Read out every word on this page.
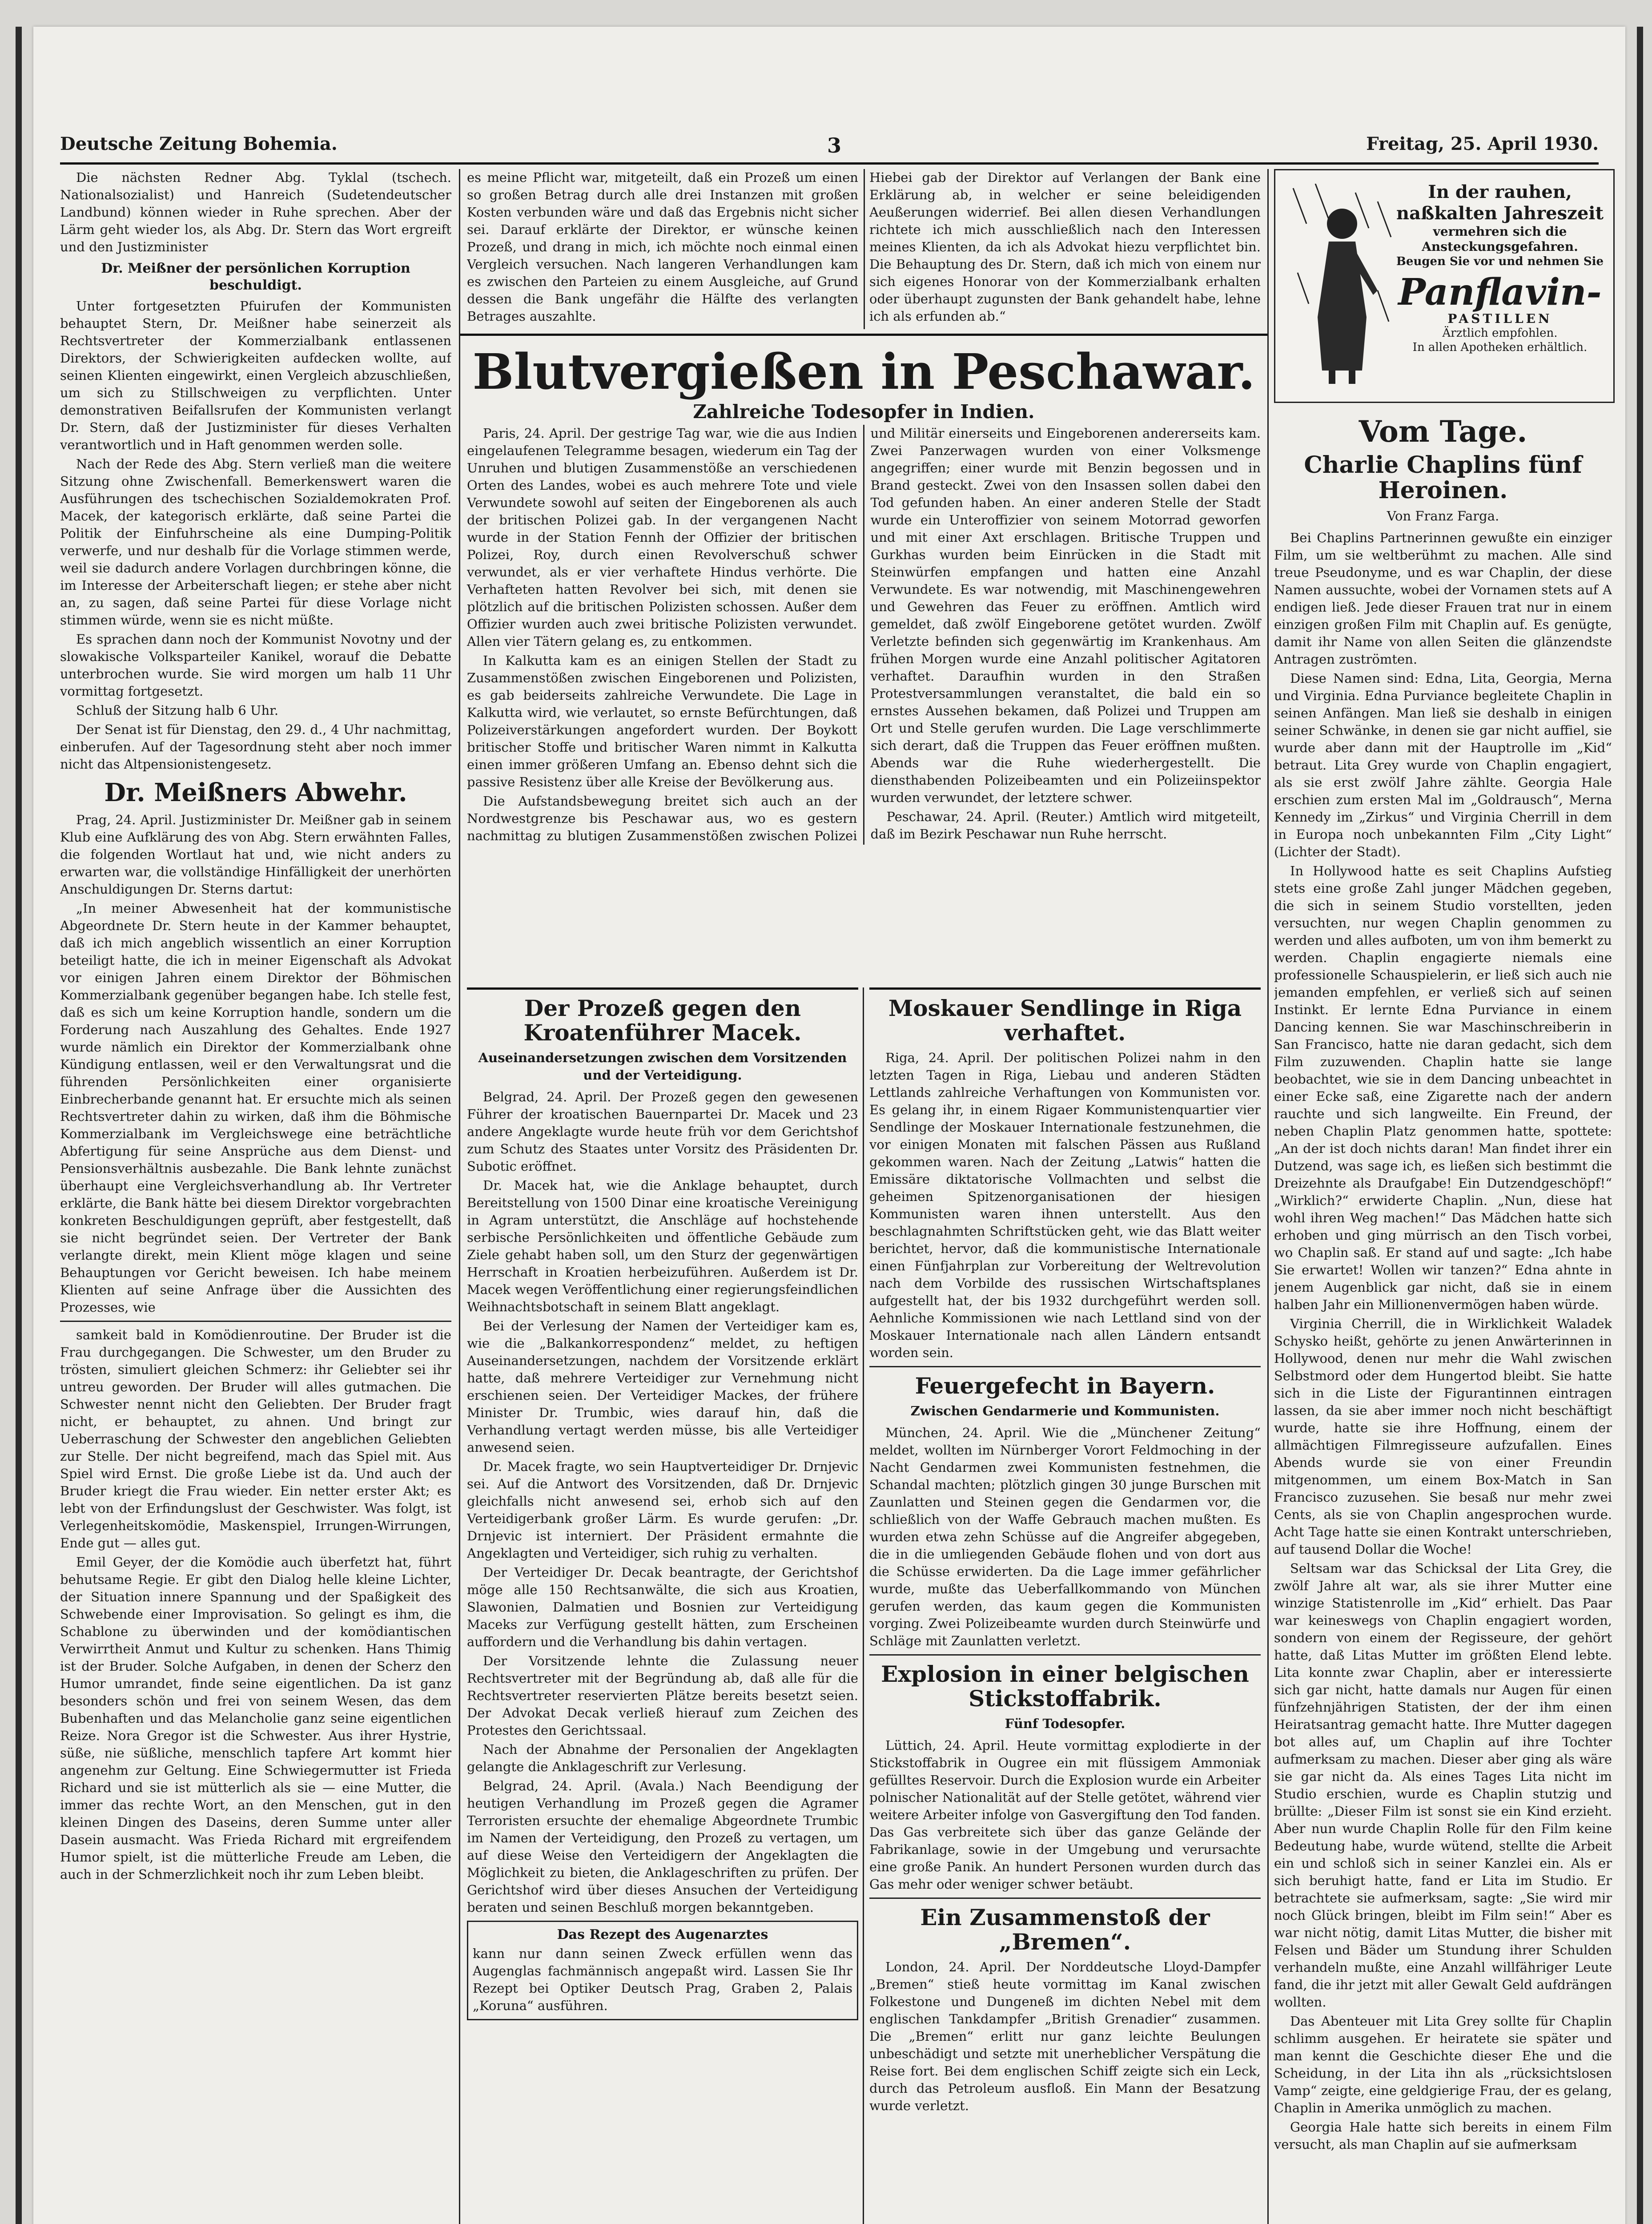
Deutsche Zeitung Bohemia.	3	Freitag, 25. April 1930.

Die nächsten Redner Abg. Tyklal (tschech. Nationalsozialist) und Hanreich (Sudetendeutscher Landbund) können wieder in Ruhe sprechen. Aber der Lärm geht wieder los, als Abg. Dr. Stern das Wort ergreift und den Justizminister

Dr. Meißner der persönlichen Korruption beschuldigt.

Unter fortgesetzten Pfuirufen der Kommunisten behauptet Stern, Dr. Meißner habe seinerzeit als Rechtsvertreter der Kommerzialbank entlassenen Direktors, der Schwierigkeiten aufdecken wollte, auf seinen Klienten eingewirkt, einen Vergleich abzuschließen, um sich zu Stillschweigen zu verpflichten. Unter demonstrativen Beifallsrufen der Kommunisten verlangt Dr. Stern, daß der Justizminister für dieses Verhalten verantwortlich und in Haft genommen werden solle.

Nach der Rede des Abg. Stern verließ man die weitere Sitzung ohne Zwischenfall. Bemerkenswert waren die Ausführungen des tschechischen Sozialdemokraten Prof. Macek, der kategorisch erklärte, daß seine Partei die Politik der Einfuhrscheine als eine Dumping-Politik verwerfe, und nur deshalb für die Vorlage stimmen werde, weil sie dadurch andere Vorlagen durchbringen könne, die im Interesse der Arbeiterschaft liegen; er stehe aber nicht an, zu sagen, daß seine Partei für diese Vorlage nicht stimmen würde, wenn sie es nicht müßte.

Es sprachen dann noch der Kommunist Novotny und der slowakische Volksparteiler Kanikel, worauf die Debatte unterbrochen wurde. Sie wird morgen um halb 11 Uhr vormittag fortgesetzt.

Schluß der Sitzung halb 6 Uhr.

Der Senat ist für Dienstag, den 29. d., 4 Uhr nachmittag, einberufen. Auf der Tagesordnung steht aber noch immer nicht das Altpensionistengesetz.

Dr. Meißners Abwehr.

Prag, 24. April. Justizminister Dr. Meißner gab in seinem Klub eine Aufklärung des von Abg. Stern erwähnten Falles, die folgenden Wortlaut hat und, wie nicht anders zu erwarten war, die vollständige Hinfälligkeit der unerhörten Anschuldigungen Dr. Sterns dartut:

„In meiner Abwesenheit hat der kommunistische Abgeordnete Dr. Stern heute in der Kammer behauptet, daß ich mich angeblich wissentlich an einer Korruption beteiligt hatte, die ich in meiner Eigenschaft als Advokat vor einigen Jahren einem Direktor der Böhmischen Kommerzialbank gegenüber begangen habe. Ich stelle fest, daß es sich um keine Korruption handle, sondern um die Forderung nach Auszahlung des Gehaltes. Ende 1927 wurde nämlich ein Direktor der Kommerzialbank ohne Kündigung entlassen, weil er den Verwaltungsrat und die führenden Persönlichkeiten einer organisierte Einbrecherbande genannt hat. Er ersuchte mich als seinen Rechtsvertreter dahin zu wirken, daß ihm die Böhmische Kommerzialbank im Vergleichswege eine beträchtliche Abfertigung für seine Ansprüche aus dem Dienst- und Pensionsverhältnis ausbezahle. Die Bank lehnte zunächst überhaupt eine Vergleichsverhandlung ab. Ihr Vertreter erklärte, die Bank hätte bei diesem Direktor vorgebrachten konkreten Beschuldigungen geprüft, aber festgestellt, daß sie nicht begründet seien. Der Vertreter der Bank verlangte direkt, mein Klient möge klagen und seine Behauptungen vor Gericht beweisen. Ich habe meinem Klienten auf seine Anfrage über die Aussichten des Prozesses, wie

samkeit bald in Komödienroutine. Der Bruder ist die Frau durchgegangen. Die Schwester, um den Bruder zu trösten, simuliert gleichen Schmerz: ihr Geliebter sei ihr untreu geworden. Der Bruder will alles gutmachen. Die Schwester nennt nicht den Geliebten. Der Bruder fragt nicht, er behauptet, zu ahnen. Und bringt zur Ueberraschung der Schwester den angeblichen Geliebten zur Stelle. Der nicht begreifend, mach das Spiel mit. Aus Spiel wird Ernst. Die große Liebe ist da. Und auch der Bruder kriegt die Frau wieder. Ein netter erster Akt; es lebt von der Erfindungslust der Geschwister. Was folgt, ist Verlegenheitskomödie, Maskenspiel, Irrungen-Wirrungen, Ende gut — alles gut.

Emil Geyer, der die Komödie auch überfetzt hat, führt behutsame Regie. Er gibt den Dialog helle kleine Lichter, der Situation innere Spannung und der Spaßigkeit des Schwebende einer Improvisation. So gelingt es ihm, die Schablone zu überwinden und der komödiantischen Verwirrtheit Anmut und Kultur zu schenken. Hans Thimig ist der Bruder. Solche Aufgaben, in denen der Scherz den Humor umrandet, finde seine eigentlichen. Da ist ganz besonders schön und frei von seinem Wesen, das dem Bubenhaften und das Melancholie ganz seine eigentlichen Reize. Nora Gregor ist die Schwester. Aus ihrer Hystrie, süße, nie süßliche, menschlich tapfere Art kommt hier angenehm zur Geltung. Eine Schwiegermutter ist Frieda Richard und sie ist mütterlich als sie — eine Mutter, die immer das rechte Wort, an den Menschen, gut in den kleinen Dingen des Daseins, deren Summe unter aller Dasein ausmacht. Was Frieda Richard mit ergreifendem Humor spielt, ist die mütterliche Freude am Leben, die auch in der Schmerzlichkeit noch ihr zum Leben bleibt.

es meine Pflicht war, mitgeteilt, daß ein Prozeß um einen so großen Betrag durch alle drei Instanzen mit großen Kosten verbunden wäre und daß das Ergebnis nicht sicher sei. Darauf erklärte der Direktor, er wünsche keinen Prozeß, und drang in mich, ich möchte noch einmal einen Vergleich versuchen. Nach langeren Verhandlungen kam es zwischen den Parteien zu einem Ausgleiche, auf Grund dessen die Bank ungefähr die Hälfte des verlangten Betrages auszahlte.

Hiebei gab der Direktor auf Verlangen der Bank eine Erklärung ab, in welcher er seine beleidigenden Aeußerungen widerrief. Bei allen diesen Verhandlungen richtete ich mich ausschließlich nach den Interessen meines Klienten, da ich als Advokat hiezu verpflichtet bin. Die Behauptung des Dr. Stern, daß ich mich von einem nur sich eigenes Honorar von der Kommerzialbank erhalten oder überhaupt zugunsten der Bank gehandelt habe, lehne ich als erfunden ab.“

Blutvergießen in Peschawar.
Zahlreiche Todesopfer in Indien.

Paris, 24. April. Der gestrige Tag war, wie die aus Indien eingelaufenen Telegramme besagen, wiederum ein Tag der Unruhen und blutigen Zusammenstöße an verschiedenen Orten des Landes, wobei es auch mehrere Tote und viele Verwundete sowohl auf seiten der Eingeborenen als auch der britischen Polizei gab. In der vergangenen Nacht wurde in der Station Fennh der Offizier der britischen Polizei, Roy, durch einen Revolverschuß schwer verwundet, als er vier verhaftete Hindus verhörte. Die Verhafteten hatten Revolver bei sich, mit denen sie plötzlich auf die britischen Polizisten schossen. Außer dem Offizier wurden auch zwei britische Polizisten verwundet. Allen vier Tätern gelang es, zu entkommen.

In Kalkutta kam es an einigen Stellen der Stadt zu Zusammenstößen zwischen Eingeborenen und Polizisten, es gab beiderseits zahlreiche Verwundete. Die Lage in Kalkutta wird, wie verlautet, so ernste Befürchtungen, daß Polizeiverstärkungen angefordert wurden. Der Boykott britischer Stoffe und britischer Waren nimmt in Kalkutta einen immer größeren Umfang an. Ebenso dehnt sich die passive Resistenz über alle Kreise der Bevölkerung aus.

Die Aufstandsbewegung breitet sich auch an der Nordwestgrenze bis Peschawar aus, wo es gestern nachmittag zu blutigen Zusammenstößen zwischen Polizei und Militär einerseits und Eingeborenen andererseits kam. Zwei Panzerwagen wurden von einer Volksmenge angegriffen; einer wurde mit Benzin begossen und in Brand gesteckt. Zwei von den Insassen sollen dabei den Tod gefunden haben. An einer anderen Stelle der Stadt wurde ein Unteroffizier von seinem Motorrad geworfen und mit einer Axt erschlagen. Britische Truppen und Gurkhas wurden beim Einrücken in die Stadt mit Steinwürfen empfangen und hatten eine Anzahl Verwundete. Es war notwendig, mit Maschinengewehren und Gewehren das Feuer zu eröffnen. Amtlich wird gemeldet, daß zwölf Eingeborene getötet wurden. Zwölf Verletzte befinden sich gegenwärtig im Krankenhaus. Am frühen Morgen wurde eine Anzahl politischer Agitatoren verhaftet. Daraufhin wurden in den Straßen Protestversammlungen veranstaltet, die bald ein so ernstes Aussehen bekamen, daß Polizei und Truppen am Ort und Stelle gerufen wurden. Die Lage verschlimmerte sich derart, daß die Truppen das Feuer eröffnen mußten. Abends war die Ruhe wiederhergestellt. Die diensthabenden Polizeibeamten und ein Polizeiinspektor wurden verwundet, der letztere schwer.

Peschawar, 24. April. (Reuter.) Amtlich wird mitgeteilt, daß im Bezirk Peschawar nun Ruhe herrscht.

Der Prozeß gegen den Kroatenführer Macek.
Auseinandersetzungen zwischen dem Vorsitzenden und der Verteidigung.

Belgrad, 24. April. Der Prozeß gegen den gewesenen Führer der kroatischen Bauernpartei Dr. Macek und 23 andere Angeklagte wurde heute früh vor dem Gerichtshof zum Schutz des Staates unter Vorsitz des Präsidenten Dr. Subotic eröffnet.

Dr. Macek hat, wie die Anklage behauptet, durch Bereitstellung von 1500 Dinar eine kroatische Vereinigung in Agram unterstützt, die Anschläge auf hochstehende serbische Persönlichkeiten und öffentliche Gebäude zum Ziele gehabt haben soll, um den Sturz der gegenwärtigen Herrschaft in Kroatien herbeizuführen. Außerdem ist Dr. Macek wegen Veröffentlichung einer regierungsfeindlichen Weihnachtsbotschaft in seinem Blatt angeklagt.

Bei der Verlesung der Namen der Verteidiger kam es, wie die „Balkankorrespondenz“ meldet, zu heftigen Auseinandersetzungen, nachdem der Vorsitzende erklärt hatte, daß mehrere Verteidiger zur Vernehmung nicht erschienen seien. Der Verteidiger Mackes, der frühere Minister Dr. Trumbic, wies darauf hin, daß die Verhandlung vertagt werden müsse, bis alle Verteidiger anwesend seien.

Dr. Macek fragte, wo sein Hauptverteidiger Dr. Drnjevic sei. Auf die Antwort des Vorsitzenden, daß Dr. Drnjevic gleichfalls nicht anwesend sei, erhob sich auf den Verteidigerbank großer Lärm. Es wurde gerufen: „Dr. Drnjevic ist interniert. Der Präsident ermahnte die Angeklagten und Verteidiger, sich ruhig zu verhalten.

Der Verteidiger Dr. Decak beantragte, der Gerichtshof möge alle 150 Rechtsanwälte, die sich aus Kroatien, Slawonien, Dalmatien und Bosnien zur Verteidigung Maceks zur Verfügung gestellt hätten, zum Erscheinen auffordern und die Verhandlung bis dahin vertagen.

Der Vorsitzende lehnte die Zulassung neuer Rechtsvertreter mit der Begründung ab, daß alle für die Rechtsvertreter reservierten Plätze bereits besetzt seien. Der Advokat Decak verließ hierauf zum Zeichen des Protestes den Gerichtssaal.

Nach der Abnahme der Personalien der Angeklagten gelangte die Anklageschrift zur Verlesung.

Belgrad, 24. April. (Avala.) Nach Beendigung der heutigen Verhandlung im Prozeß gegen die Agramer Terroristen ersuchte der ehemalige Abgeordnete Trumbic im Namen der Verteidigung, den Prozeß zu vertagen, um auf diese Weise den Verteidigern der Angeklagten die Möglichkeit zu bieten, die Anklageschriften zu prüfen. Der Gerichtshof wird über dieses Ansuchen der Verteidigung beraten und seinen Beschluß morgen bekanntgeben.

Das Rezept des Augenarztes

kann nur dann seinen Zweck erfüllen wenn das Augenglas fachmännisch angepaßt wird. Lassen Sie Ihr Rezept bei Optiker Deutsch Prag, Graben 2, Palais „Koruna“ ausführen.

Moskauer Sendlinge in Riga verhaftet.

Riga, 24. April. Der politischen Polizei nahm in den letzten Tagen in Riga, Liebau und anderen Städten Lettlands zahlreiche Verhaftungen von Kommunisten vor. Es gelang ihr, in einem Rigaer Kommunistenquartier vier Sendlinge der Moskauer Internationale festzunehmen, die vor einigen Monaten mit falschen Pässen aus Rußland gekommen waren. Nach der Zeitung „Latwis“ hatten die Emissäre diktatorische Vollmachten und selbst die geheimen Spitzenorganisationen der hiesigen Kommunisten waren ihnen unterstellt. Aus den beschlagnahmten Schriftstücken geht, wie das Blatt weiter berichtet, hervor, daß die kommunistische Internationale einen Fünfjahrplan zur Vorbereitung der Weltrevolution nach dem Vorbilde des russischen Wirtschaftsplanes aufgestellt hat, der bis 1932 durchgeführt werden soll. Aehnliche Kommissionen wie nach Lettland sind von der Moskauer Internationale nach allen Ländern entsandt worden sein.

Feuergefecht in Bayern.
Zwischen Gendarmerie und Kommunisten.

München, 24. April. Wie die „Münchener Zeitung“ meldet, wollten im Nürnberger Vorort Feldmoching in der Nacht Gendarmen zwei Kommunisten festnehmen, die Schandal machten; plötzlich gingen 30 junge Burschen mit Zaunlatten und Steinen gegen die Gendarmen vor, die schließlich von der Waffe Gebrauch machen mußten. Es wurden etwa zehn Schüsse auf die Angreifer abgegeben, die in die umliegenden Gebäude flohen und von dort aus die Schüsse erwiderten. Da die Lage immer gefährlicher wurde, mußte das Ueberfallkommando von München gerufen werden, das kaum gegen die Kommunisten vorging. Zwei Polizeibeamte wurden durch Steinwürfe und Schläge mit Zaunlatten verletzt.

Explosion in einer belgischen Stickstoffabrik.
Fünf Todesopfer.

Lüttich, 24. April. Heute vormittag explodierte in der Stickstoffabrik in Ougree ein mit flüssigem Ammoniak gefülltes Reservoir. Durch die Explosion wurde ein Arbeiter polnischer Nationalität auf der Stelle getötet, während vier weitere Arbeiter infolge von Gasvergiftung den Tod fanden. Das Gas verbreitete sich über das ganze Gelände der Fabrikanlage, sowie in der Umgebung und verursachte eine große Panik. An hundert Personen wurden durch das Gas mehr oder weniger schwer betäubt.

Ein Zusammenstoß der „Bremen“.

London, 24. April. Der Norddeutsche Lloyd-Dampfer „Bremen“ stieß heute vormittag im Kanal zwischen Folkestone und Dungeneß im dichten Nebel mit dem englischen Tankdampfer „British Grenadier“ zusammen. Die „Bremen“ erlitt nur ganz leichte Beulungen unbeschädigt und setzte mit unerheblicher Verspätung die Reise fort. Bei dem englischen Schiff zeigte sich ein Leck, durch das Petroleum ausfloß. Ein Mann der Besatzung wurde verletzt.

In der rauhen, naßkalten Jahreszeit
vermehren sich die Ansteckungsgefahren.
Beugen Sie vor und nehmen Sie
Panflavin-
PASTILLEN
Ärztlich empfohlen.
In allen Apotheken erhältlich.
Vom Tage.
Charlie Chaplins fünf Heroinen.
Von Franz Farga.

Bei Chaplins Partnerinnen gewußte ein einziger Film, um sie weltberühmt zu machen. Alle sind treue Pseudonyme, und es war Chaplin, der diese Namen aussuchte, wobei der Vornamen stets auf A endigen ließ. Jede dieser Frauen trat nur in einem einzigen großen Film mit Chaplin auf. Es genügte, damit ihr Name von allen Seiten die glänzendste Antragen zuströmten.

Diese Namen sind: Edna, Lita, Georgia, Merna und Virginia. Edna Purviance begleitete Chaplin in seinen Anfängen. Man ließ sie deshalb in einigen seiner Schwänke, in denen sie gar nicht auffiel, sie wurde aber dann mit der Hauptrolle im „Kid“ betraut. Lita Grey wurde von Chaplin engagiert, als sie erst zwölf Jahre zählte. Georgia Hale erschien zum ersten Mal im „Goldrausch“, Merna Kennedy im „Zirkus“ und Virginia Cherrill in dem in Europa noch unbekannten Film „City Light“ (Lichter der Stadt).

In Hollywood hatte es seit Chaplins Aufstieg stets eine große Zahl junger Mädchen gegeben, die sich in seinem Studio vorstellten, jeden versuchten, nur wegen Chaplin genommen zu werden und alles aufboten, um von ihm bemerkt zu werden. Chaplin engagierte niemals eine professionelle Schauspielerin, er ließ sich auch nie jemanden empfehlen, er verließ sich auf seinen Instinkt. Er lernte Edna Purviance in einem Dancing kennen. Sie war Maschinschreiberin in San Francisco, hatte nie daran gedacht, sich dem Film zuzuwenden. Chaplin hatte sie lange beobachtet, wie sie in dem Dancing unbeachtet in einer Ecke saß, eine Zigarette nach der andern rauchte und sich langweilte. Ein Freund, der neben Chaplin Platz genommen hatte, spottete: „An der ist doch nichts daran! Man findet ihrer ein Dutzend, was sage ich, es ließen sich bestimmt die Dreizehnte als Draufgabe! Ein Dutzendgeschöpf!“ „Wirklich?“ erwiderte Chaplin. „Nun, diese hat wohl ihren Weg machen!“ Das Mädchen hatte sich erhoben und ging mürrisch an den Tisch vorbei, wo Chaplin saß. Er stand auf und sagte: „Ich habe Sie erwartet! Wollen wir tanzen?“ Edna ahnte in jenem Augenblick gar nicht, daß sie in einem halben Jahr ein Millionenvermögen haben würde.

Virginia Cherrill, die in Wirklichkeit Waladek Schysko heißt, gehörte zu jenen Anwärterinnen in Hollywood, denen nur mehr die Wahl zwischen Selbstmord oder dem Hungertod bleibt. Sie hatte sich in die Liste der Figurantinnen eintragen lassen, da sie aber immer noch nicht beschäftigt wurde, hatte sie ihre Hoffnung, einem der allmächtigen Filmregisseure aufzufallen. Eines Abends wurde sie von einer Freundin mitgenommen, um einem Box-Match in San Francisco zuzusehen. Sie besaß nur mehr zwei Cents, als sie von Chaplin angesprochen wurde. Acht Tage hatte sie einen Kontrakt unterschrieben, auf tausend Dollar die Woche!

Seltsam war das Schicksal der Lita Grey, die zwölf Jahre alt war, als sie ihrer Mutter eine winzige Statistenrolle im „Kid“ erhielt. Das Paar war keineswegs von Chaplin engagiert worden, sondern von einem der Regisseure, der gehört hatte, daß Litas Mutter im größten Elend lebte. Lita konnte zwar Chaplin, aber er interessierte sich gar nicht, hatte damals nur Augen für einen fünfzehnjährigen Statisten, der der ihm einen Heiratsantrag gemacht hatte. Ihre Mutter dagegen bot alles auf, um Chaplin auf ihre Tochter aufmerksam zu machen. Dieser aber ging als wäre sie gar nicht da. Als eines Tages Lita nicht im Studio erschien, wurde es Chaplin stutzig und brüllte: „Dieser Film ist sonst sie ein Kind erzieht. Aber nun wurde Chaplin Rolle für den Film keine Bedeutung habe, wurde wütend, stellte die Arbeit ein und schloß sich in seiner Kanzlei ein. Als er sich beruhigt hatte, fand er Lita im Studio. Er betrachtete sie aufmerksam, sagte: „Sie wird mir noch Glück bringen, bleibt im Film sein!“ Aber es war nicht nötig, damit Litas Mutter, die bisher mit Felsen und Bäder um Stundung ihrer Schulden verhandeln mußte, eine Anzahl willfähriger Leute fand, die ihr jetzt mit aller Gewalt Geld aufdrängen wollten.

Das Abenteuer mit Lita Grey sollte für Chaplin schlimm ausgehen. Er heiratete sie später und man kennt die Geschichte dieser Ehe und die Scheidung, in der Lita ihn als „rücksichtslosen Vamp“ zeigte, eine geldgierige Frau, der es gelang, Chaplin in Amerika unmöglich zu machen.

Georgia Hale hatte sich bereits in einem Film versucht, als man Chaplin auf sie aufmerksam
